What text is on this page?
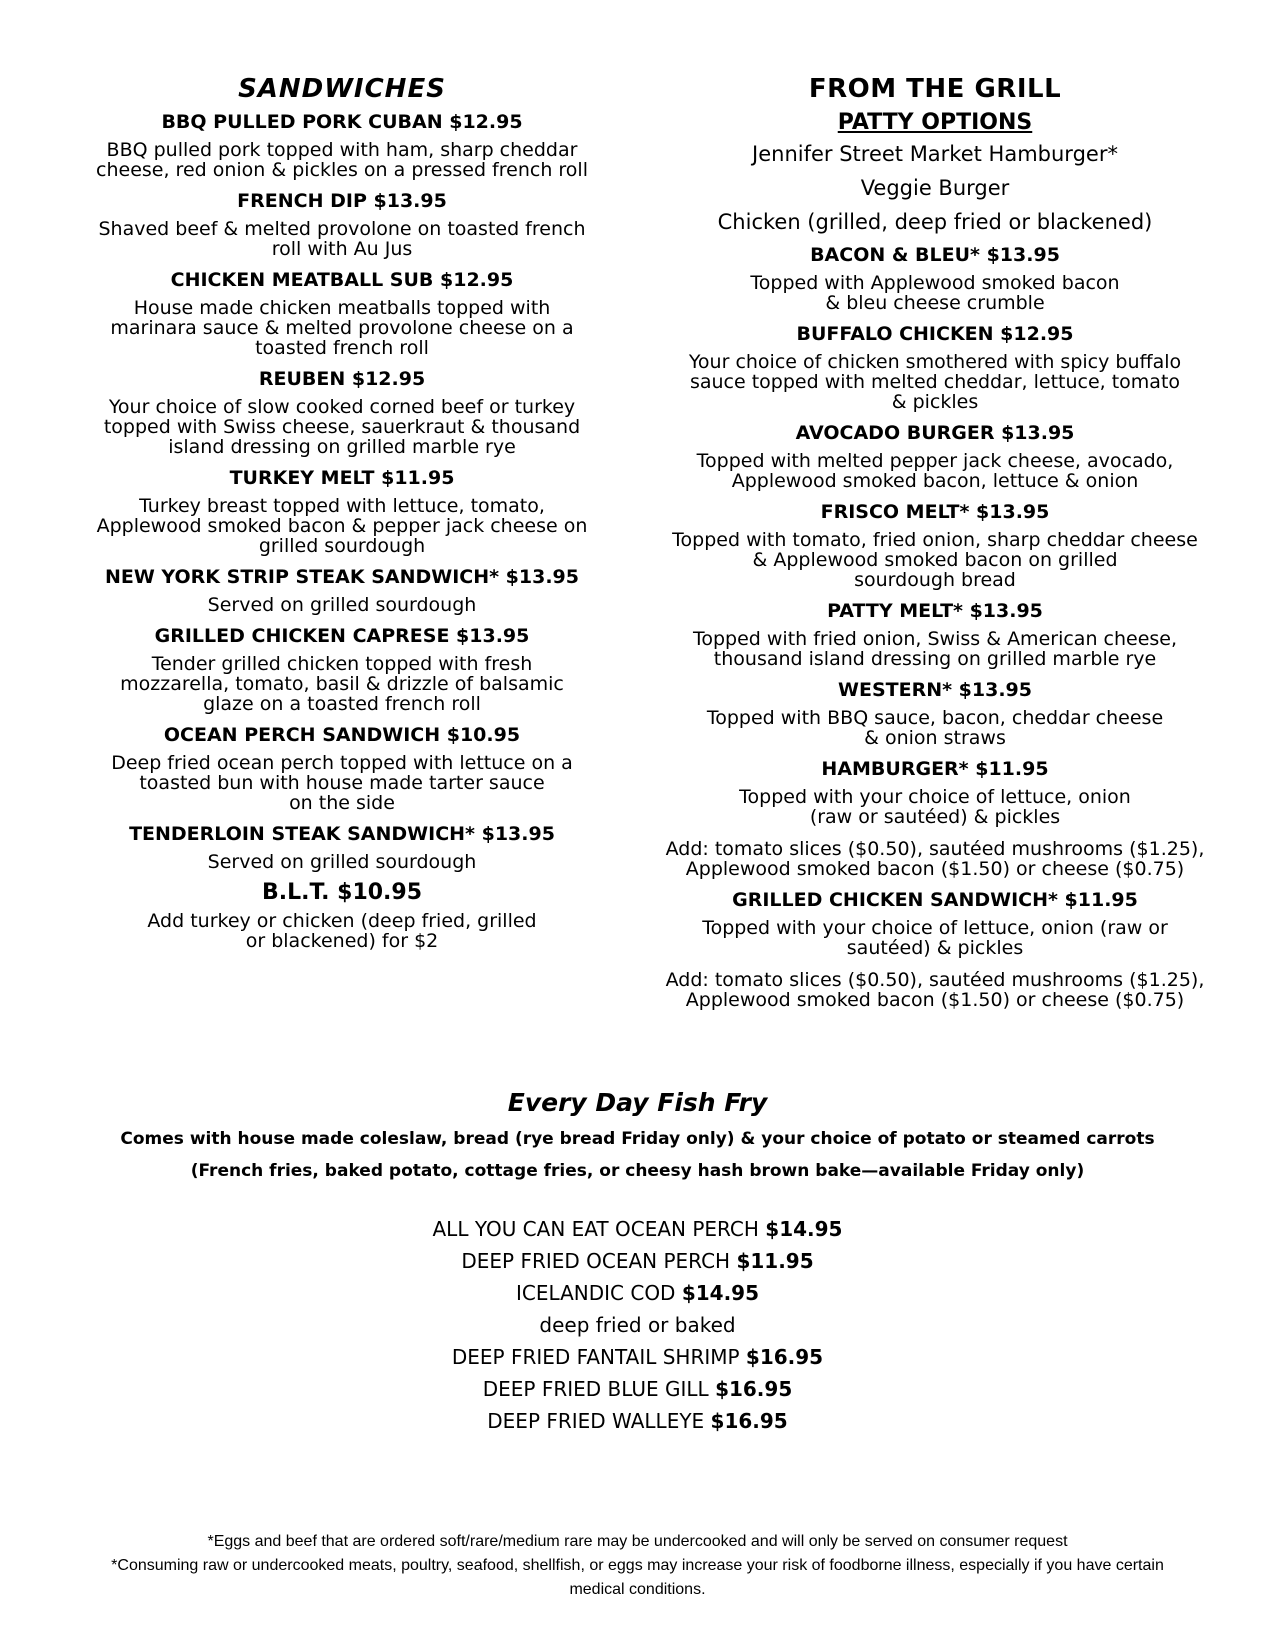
SANDWICHES
BBQ PULLED PORK CUBAN $12.95
BBQ pulled pork topped with ham, sharp cheddar
cheese, red onion & pickles on a pressed french roll
FRENCH DIP $13.95
Shaved beef & melted provolone on toasted french
roll with Au Jus
CHICKEN MEATBALL SUB $12.95
House made chicken meatballs topped with
marinara sauce & melted provolone cheese on a
toasted french roll
REUBEN $12.95
Your choice of slow cooked corned beef or turkey
topped with Swiss cheese, sauerkraut & thousand
island dressing on grilled marble rye
TURKEY MELT $11.95
Turkey breast topped with lettuce, tomato,
Applewood smoked bacon & pepper jack cheese on
grilled sourdough
NEW YORK STRIP STEAK SANDWICH* $13.95
Served on grilled sourdough
GRILLED CHICKEN CAPRESE $13.95
Tender grilled chicken topped with fresh
mozzarella, tomato, basil & drizzle of balsamic
glaze on a toasted french roll
OCEAN PERCH SANDWICH $10.95
Deep fried ocean perch topped with lettuce on a
toasted bun with house made tarter sauce
on the side
TENDERLOIN STEAK SANDWICH* $13.95
Served on grilled sourdough
B.L.T. $10.95
Add turkey or chicken (deep fried, grilled
or blackened) for $2
FROM THE GRILL
PATTY OPTIONS
Jennifer Street Market Hamburger*
Veggie Burger
Chicken (grilled, deep fried or blackened)
BACON & BLEU* $13.95
Topped with Applewood smoked bacon
& bleu cheese crumble
BUFFALO CHICKEN $12.95
Your choice of chicken smothered with spicy buffalo
sauce topped with melted cheddar, lettuce, tomato
& pickles
AVOCADO BURGER $13.95
Topped with melted pepper jack cheese, avocado,
Applewood smoked bacon, lettuce & onion
FRISCO MELT* $13.95
Topped with tomato, fried onion, sharp cheddar cheese
& Applewood smoked bacon on grilled
sourdough bread
PATTY MELT* $13.95
Topped with fried onion, Swiss & American cheese,
thousand island dressing on grilled marble rye
WESTERN* $13.95
Topped with BBQ sauce, bacon, cheddar cheese
& onion straws
HAMBURGER* $11.95
Topped with your choice of lettuce, onion
(raw or sautéed) & pickles
Add: tomato slices ($0.50), sautéed mushrooms ($1.25),
Applewood smoked bacon ($1.50) or cheese ($0.75)
GRILLED CHICKEN SANDWICH* $11.95
Topped with your choice of lettuce, onion (raw or
sautéed) & pickles
Add: tomato slices ($0.50), sautéed mushrooms ($1.25),
Applewood smoked bacon ($1.50) or cheese ($0.75)
Every Day Fish Fry
Comes with house made coleslaw, bread (rye bread Friday only) & your choice of potato or steamed carrots
(French fries, baked potato, cottage fries, or cheesy hash brown bake—available Friday only)
ALL YOU CAN EAT OCEAN PERCH $14.95
DEEP FRIED OCEAN PERCH $11.95
ICELANDIC COD $14.95
deep fried or baked
DEEP FRIED FANTAIL SHRIMP $16.95
DEEP FRIED BLUE GILL $16.95
DEEP FRIED WALLEYE $16.95
*Eggs and beef that are ordered soft/rare/medium rare may be undercooked and will only be served on consumer request
*Consuming raw or undercooked meats, poultry, seafood, shellfish, or eggs may increase your risk of foodborne illness, especially if you have certain
medical conditions.
